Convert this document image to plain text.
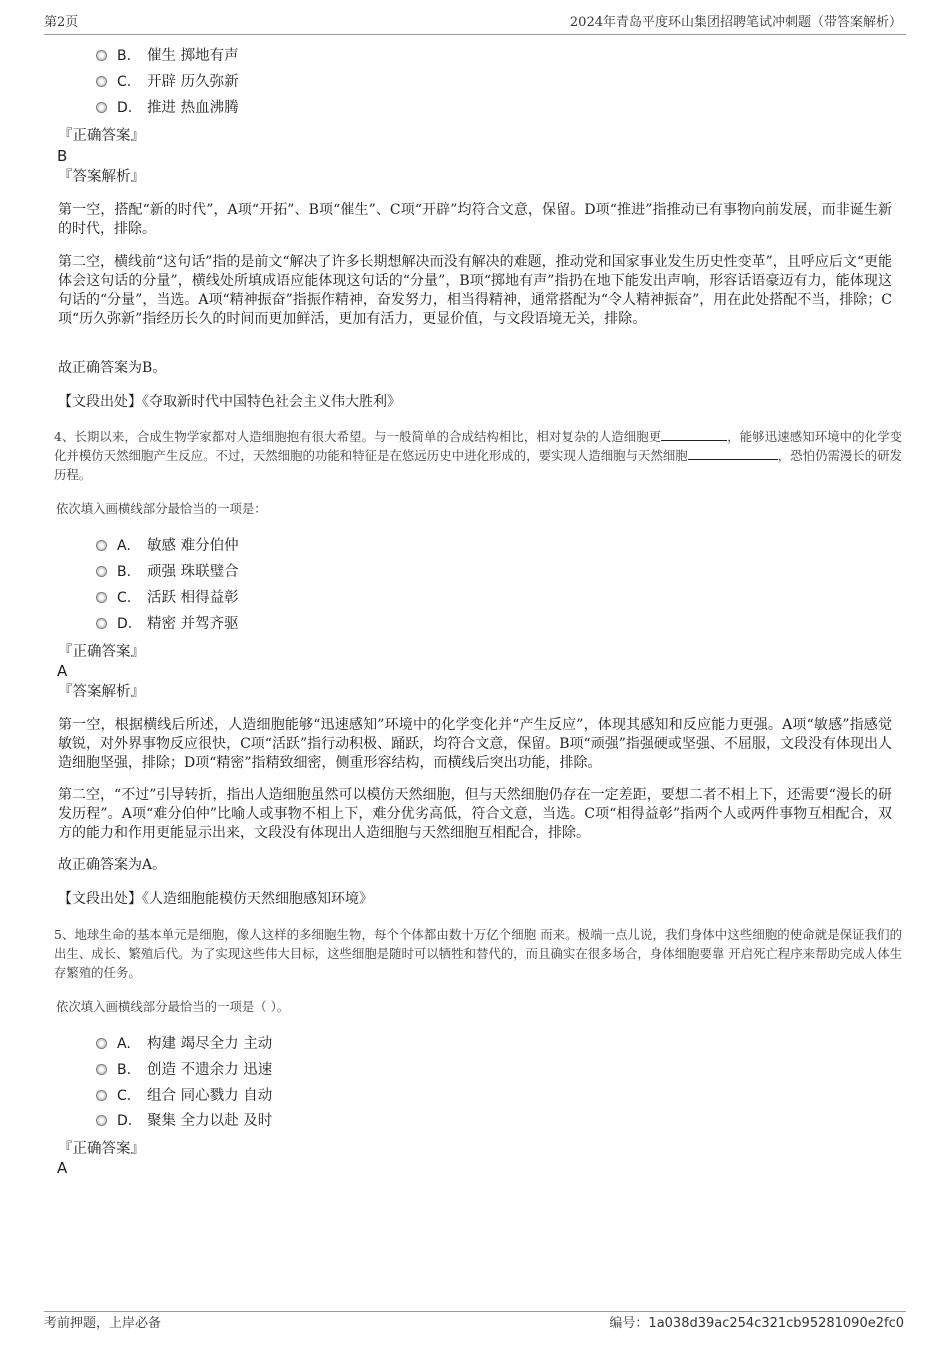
第2页	2024年青岛平度环山集团招聘笔试冲刺题（带答案解析）
B. 催生 掷地有声
C. 开辟 历久弥新
D. 推进 热血沸腾
『正确答案』
B
『答案解析』
第一空，搭配“新的时代”，A项“开拓”、B项“催生”、C项“开辟”均符合文意，保留。D项“推进”指推动已有事物向前发展，而非诞生新的时代，排除。
第二空，横线前“这句话”指的是前文“解决了许多长期想解决而没有解决的难题，推动党和国家事业发生历史性变革”，且呼应后文“更能体会这句话的分量”，横线处所填成语应能体现这句话的“分量”，B项“掷地有声”指扔在地下能发出声响，形容话语豪迈有力，能体现这句话的“分量”，当选。A项“精神振奋”指振作精神，奋发努力，相当得精神，通常搭配为“令人精神振奋”，用在此处搭配不当，排除；C项“历久弥新”指经历长久的时间而更加鲜活，更加有活力，更显价值，与文段语境无关，排除。
故正确答案为B。
【文段出处】《夺取新时代中国特色社会主义伟大胜利》
4、长期以来，合成生物学家都对人造细胞抱有很大希望。与一般简单的合成结构相比，相对复杂的人造细胞更	，能够迅速感知环境中的化学变化并模仿天然细胞产生反应。不过，天然细胞的功能和特征是在悠远历史中进化形成的，要实现人造细胞与天然细胞	，恐怕仍需漫长的研发历程。
依次填入画横线部分最恰当的一项是：
A. 敏感 难分伯仲
B. 顽强 珠联璧合
C. 活跃 相得益彰
D. 精密 并驾齐驱
『正确答案』
A
『答案解析』
第一空，根据横线后所述，人造细胞能够“迅速感知”环境中的化学变化并“产生反应”，体现其感知和反应能力更强。A项“敏感”指感觉敏锐，对外界事物反应很快，C项“活跃”指行动积极、踊跃，均符合文意，保留。B项“顽强”指强硬或坚强、不屈服，文段没有体现出人造细胞坚强，排除；D项“精密”指精致细密，侧重形容结构，而横线后突出功能，排除。
第二空，“不过”引导转折，指出人造细胞虽然可以模仿天然细胞，但与天然细胞仍存在一定差距，要想二者不相上下，还需要“漫长的研发历程”。A项“难分伯仲”比喻人或事物不相上下，难分优劣高低，符合文意，当选。C项“相得益彰”指两个人或两件事物互相配合，双方的能力和作用更能显示出来，文段没有体现出人造细胞与天然细胞互相配合，排除。
故正确答案为A。
【文段出处】《人造细胞能模仿天然细胞感知环境》
5、地球生命的基本单元是细胞，像人这样的多细胞生物，每个个体都由数十万亿个细胞 而来。极端一点儿说，我们身体中这些细胞的使命就是保证我们的出生、成长、繁殖后代。为了实现这些伟大目标，这些细胞是随时可以牺牲和替代的，而且确实在很多场合，身体细胞要靠 开启死亡程序来帮助完成人体生存繁殖的任务。
依次填入画横线部分最恰当的一项是（ ）。
A. 构建 竭尽全力 主动
B. 创造 不遗余力 迅速
C. 组合 同心戮力 自动
D. 聚集 全力以赴 及时
『正确答案』
A
考前押题，上岸必备	编号：1a038d39ac254c321cb95281090e2fc0
